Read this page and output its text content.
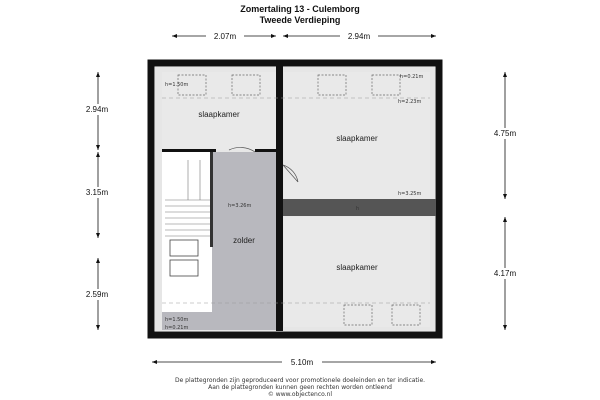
Zomertaling 13 - Culemborg
Tweede Verdieping
slaapkamer
slaapkamer
zolder
slaapkamer
h=1.50m
h=0.21m
h=2.23m
h=3.25m
h=3.26m	h
h=1.50m
h=0.21m
2.07m	2.94m
2.94m
3.15m
2.59m
4.75m
4.17m
5.10m
De plattegronden zijn geproduceerd voor promotionele doeleinden en ter indicatie.
Aan de plattegronden kunnen geen rechten worden ontleend
© www.objectenco.nl
